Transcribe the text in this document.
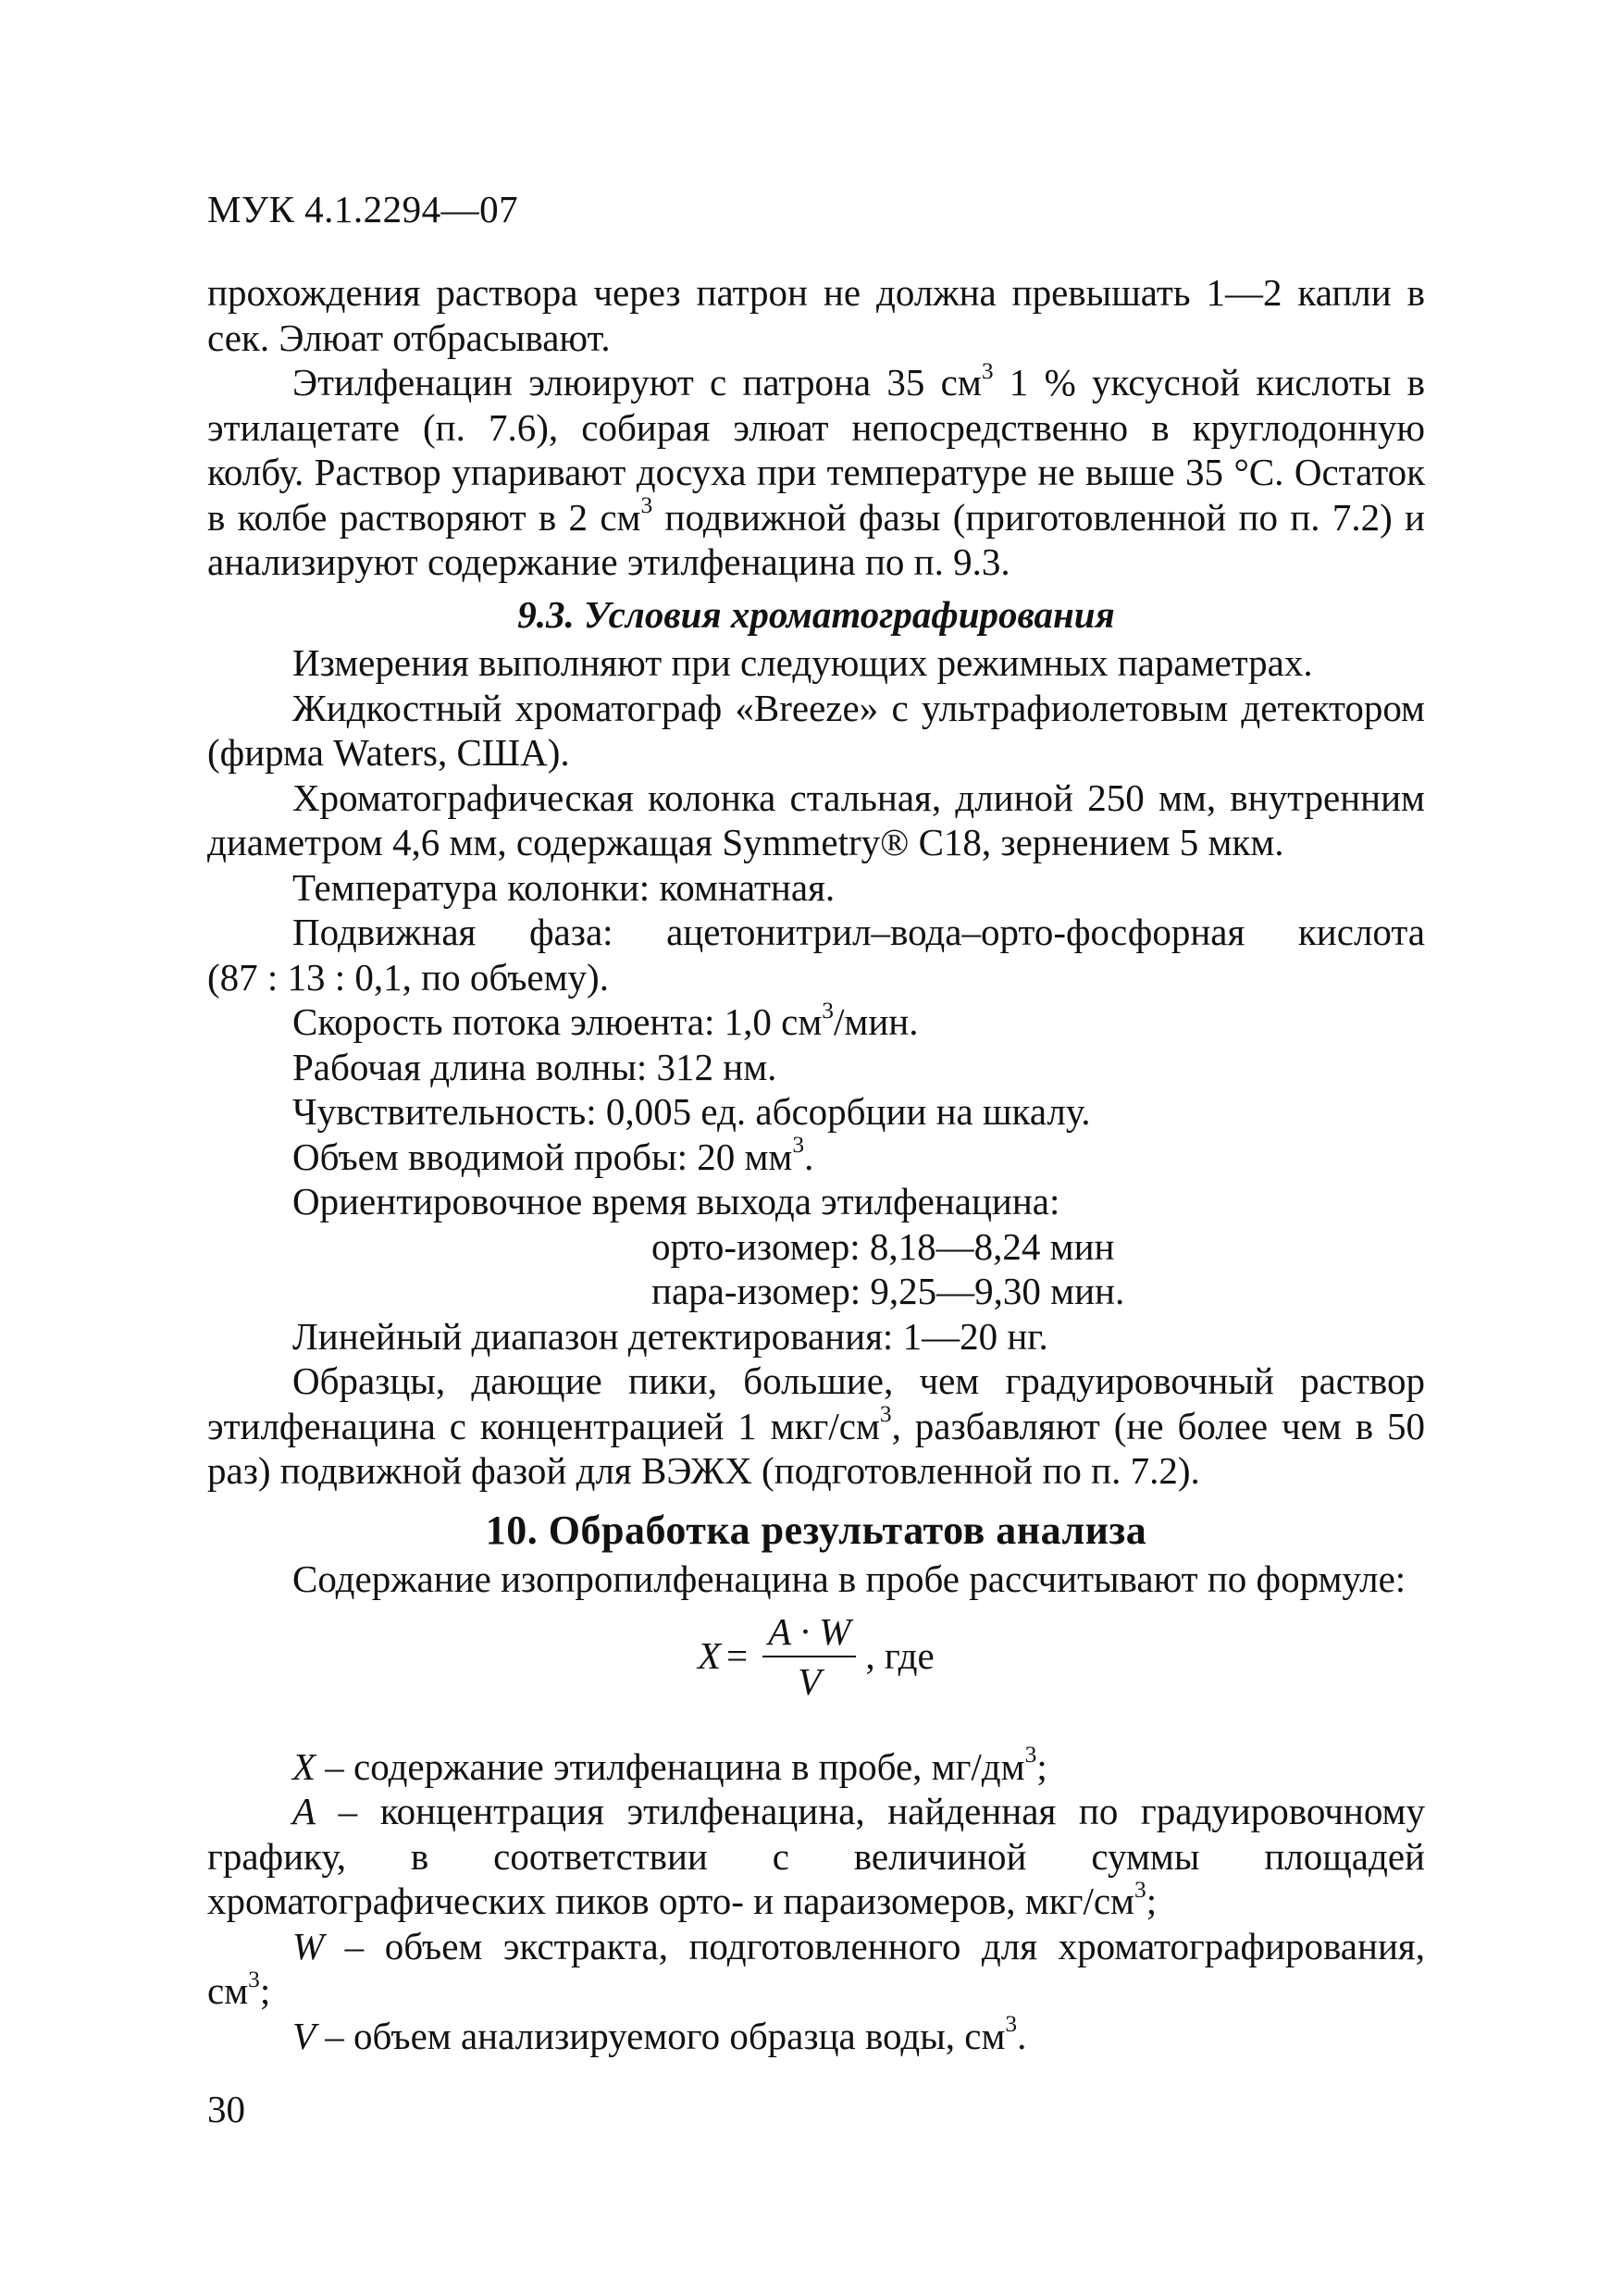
МУК 4.1.2294—07

прохождения раствора через патрон не должна превышать 1—2 капли в
сек. Элюат отбрасывают.

Этилфенацин элюируют с патрона 35 $см^3$ 1 % уксусной кислоты в этилацетате (п. 7.6), собирая элюат непосредственно в круглодонную колбу. Раствор упаривают досуха при температуре не выше 35 °С. Остаток в колбе растворяют в 2 $см^3$ подвижной фазы (приготовленной по п. 7.2) и анализируют содержание этилфенацина по п. 9.3.

9.3. Условия хроматографирования

Измерения выполняют при следующих режимных параметрах.

Жидкостный хроматограф «Breeze» с ультрафиолетовым детектором (фирма Waters, США).

Хроматографическая колонка стальная, длиной 250 мм, внутренним диаметром 4,6 мм, содержащая Symmetry® C18, зернением 5 мкм.

Температура колонки: комнатная.

Подвижная фаза: ацетонитрил–вода–орто-фосфорная кислота
(87 : 13 : 0,1, по объему).
Скорость потока элюента: 1,0 $см^3$/мин.
Рабочая длина волны: 312 нм.
Чувствительность: 0,005 ед. абсорбции на шкалу.
Объем вводимой пробы: 20 $мм^3$.
Ориентировочное время выхода этилфенацина:
орто-изомер: 8,18—8,24 мин
пара-изомер: 9,25—9,30 мин.
Линейный диапазон детектирования: 1—20 нг.

Образцы, дающие пики, большие, чем градуировочный раствор этилфенацина с концентрацией 1 мкг/$см^3$, разбавляют (не более чем в 50 раз) подвижной фазой для ВЭЖХ (подготовленной по п. 7.2).

10. Обработка результатов анализа

Содержание изопропилфенацина в пробе рассчитывают по формуле:

$X = \frac{A \cdot W}{V}$ , где

X – содержание этилфенацина в пробе, $мг/дм^3$;

A – концентрация этилфенацина, найденная по градуировочному графику, в соответствии с величиной суммы площадей хроматографических пиков орто- и параизомеров, мкг/$см^3$;

W – объем экстракта, подготовленного для хроматографирования, $см^3$;

V – объем анализируемого образца воды, $см^3$.

30
